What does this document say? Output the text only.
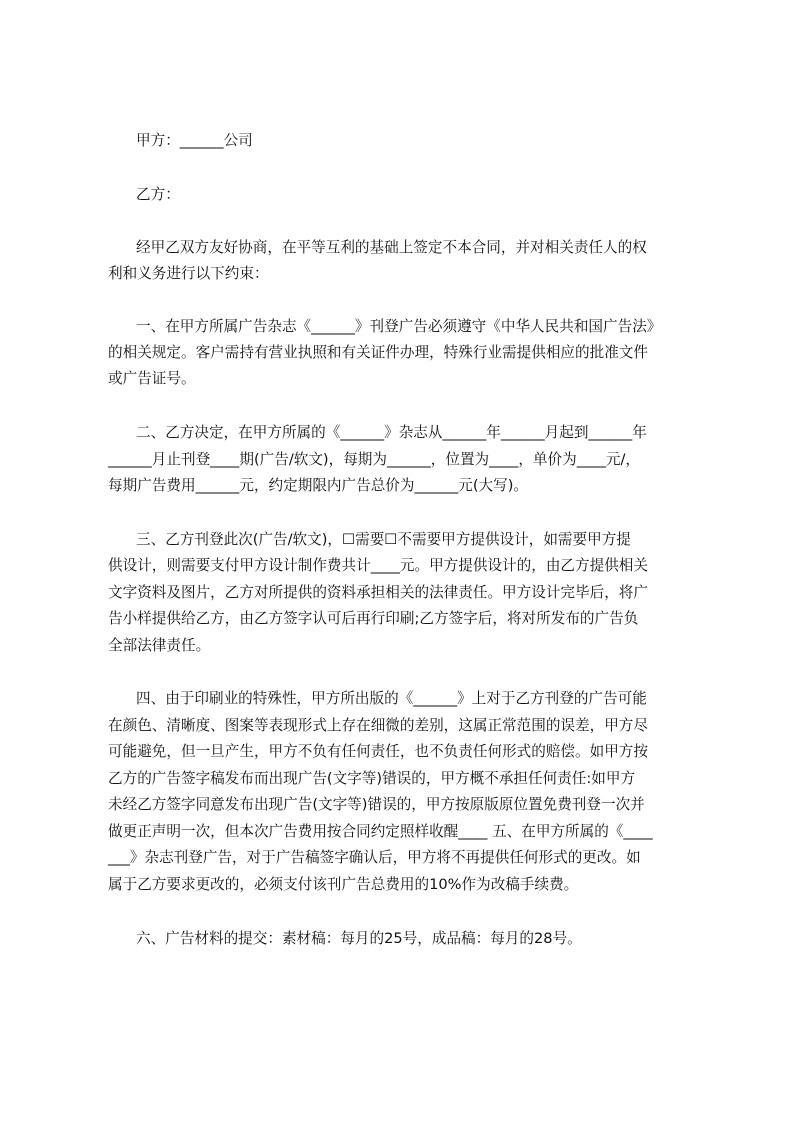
甲方：______公司
乙方：
经甲乙双方友好协商，在平等互利的基础上签定不本合同，并对相关责任人的权
利和义务进行以下约束：
一、在甲方所属广告杂志《______》刊登广告必须遵守《中华人民共和国广告法》
的相关规定。客户需持有营业执照和有关证件办理，特殊行业需提供相应的批准文件
或广告证号。
二、乙方决定，在甲方所属的《______》杂志从______年______月起到______年
______月止刊登____期(广告/软文)，每期为______，位置为____，单价为____元/，
每期广告费用______元，约定期限内广告总价为______元(大写)。
三、乙方刊登此次(广告/软文)，☐需要☐不需要甲方提供设计，如需要甲方提
供设计，则需要支付甲方设计制作费共计____元。甲方提供设计的，由乙方提供相关
文字资料及图片，乙方对所提供的资料承担相关的法律责任。甲方设计完毕后，将广
告小样提供给乙方，由乙方签字认可后再行印刷;乙方签字后，将对所发布的广告负
全部法律责任。
四、由于印刷业的特殊性，甲方所出版的《______》上对于乙方刊登的广告可能
在颜色、清晰度、图案等表现形式上存在细微的差别，这属正常范围的误差，甲方尽
可能避免，但一旦产生，甲方不负有任何责任，也不负责任何形式的赔偿。如甲方按
乙方的广告签字稿发布而出现广告(文字等)错误的，甲方概不承担任何责任:如甲方
未经乙方签字同意发布出现广告(文字等)错误的，甲方按原版原位置免费刊登一次并
做更正声明一次，但本次广告费用按合同约定照样收醒____ 五、在甲方所属的《____
___》杂志刊登广告，对于广告稿签字确认后，甲方将不再提供任何形式的更改。如
属于乙方要求更改的，必须支付该刊广告总费用的10%作为改稿手续费。
六、广告材料的提交：素材稿：每月的25号，成品稿：每月的28号。
